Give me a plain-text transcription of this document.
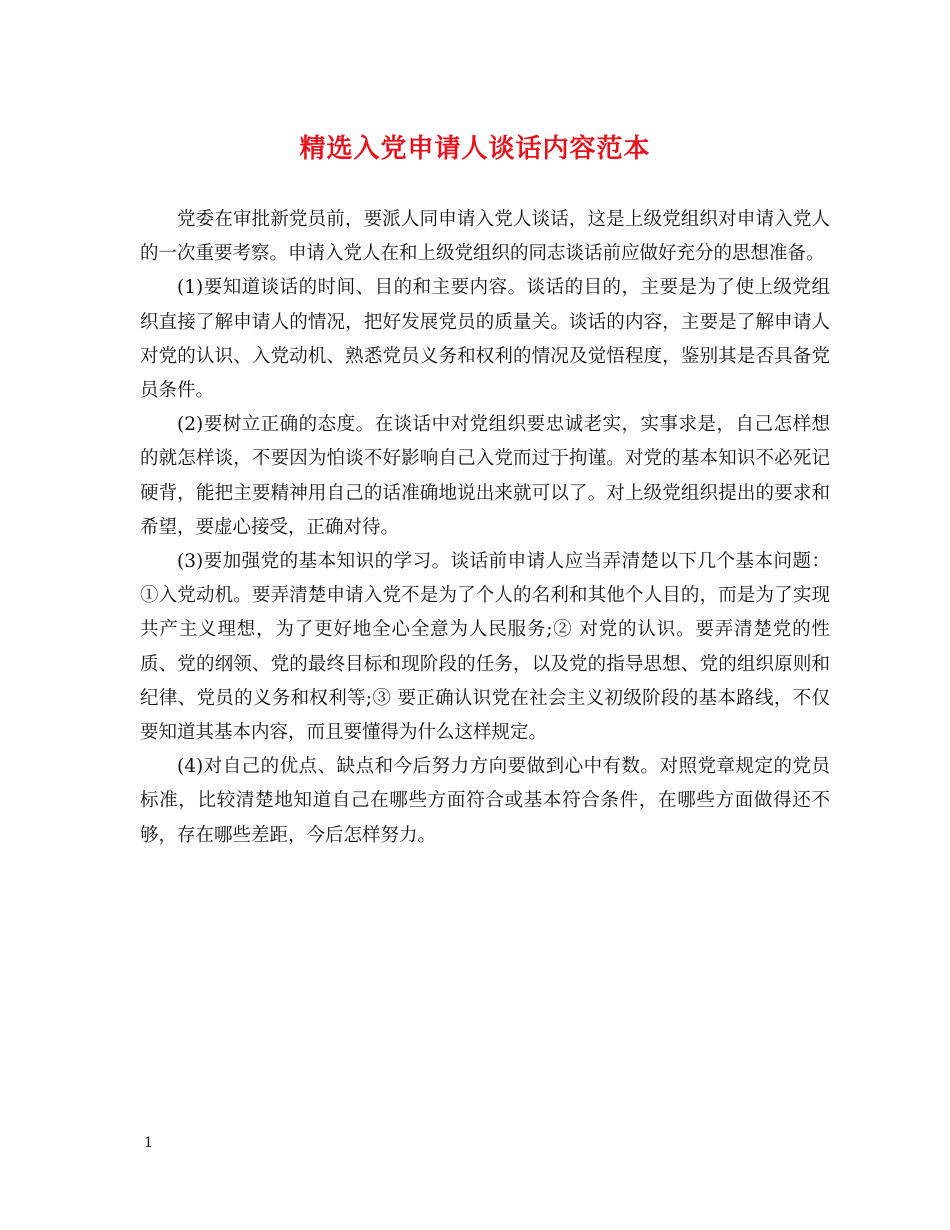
精选入党申请人谈话内容范本

党委在审批新党员前，要派人同申请入党人谈话，这是上级党组织对申请入党人的一次重要考察。申请入党人在和上级党组织的同志谈话前应做好充分的思想准备。

(1)要知道谈话的时间、目的和主要内容。谈话的目的，主要是为了使上级党组织直接了解申请人的情况，把好发展党员的质量关。谈话的内容，主要是了解申请人对党的认识、入党动机、熟悉党员义务和权利的情况及觉悟程度，鉴别其是否具备党员条件。

(2)要树立正确的态度。在谈话中对党组织要忠诚老实，实事求是，自己怎样想的就怎样谈，不要因为怕谈不好影响自己入党而过于拘谨。对党的基本知识不必死记硬背，能把主要精神用自己的话准确地说出来就可以了。对上级党组织提出的要求和希望，要虚心接受，正确对待。

(3)要加强党的基本知识的学习。谈话前申请人应当弄清楚以下几个基本问题：①入党动机。要弄清楚申请入党不是为了个人的名利和其他个人目的，而是为了实现共产主义理想，为了更好地全心全意为人民服务;② 对党的认识。要弄清楚党的性质、党的纲领、党的最终目标和现阶段的任务，以及党的指导思想、党的组织原则和纪律、党员的义务和权利等;③ 要正确认识党在社会主义初级阶段的基本路线，不仅要知道其基本内容，而且要懂得为什么这样规定。

(4)对自己的优点、缺点和今后努力方向要做到心中有数。对照党章规定的党员标准，比较清楚地知道自己在哪些方面符合或基本符合条件，在哪些方面做得还不够，存在哪些差距，今后怎样努力。

1
